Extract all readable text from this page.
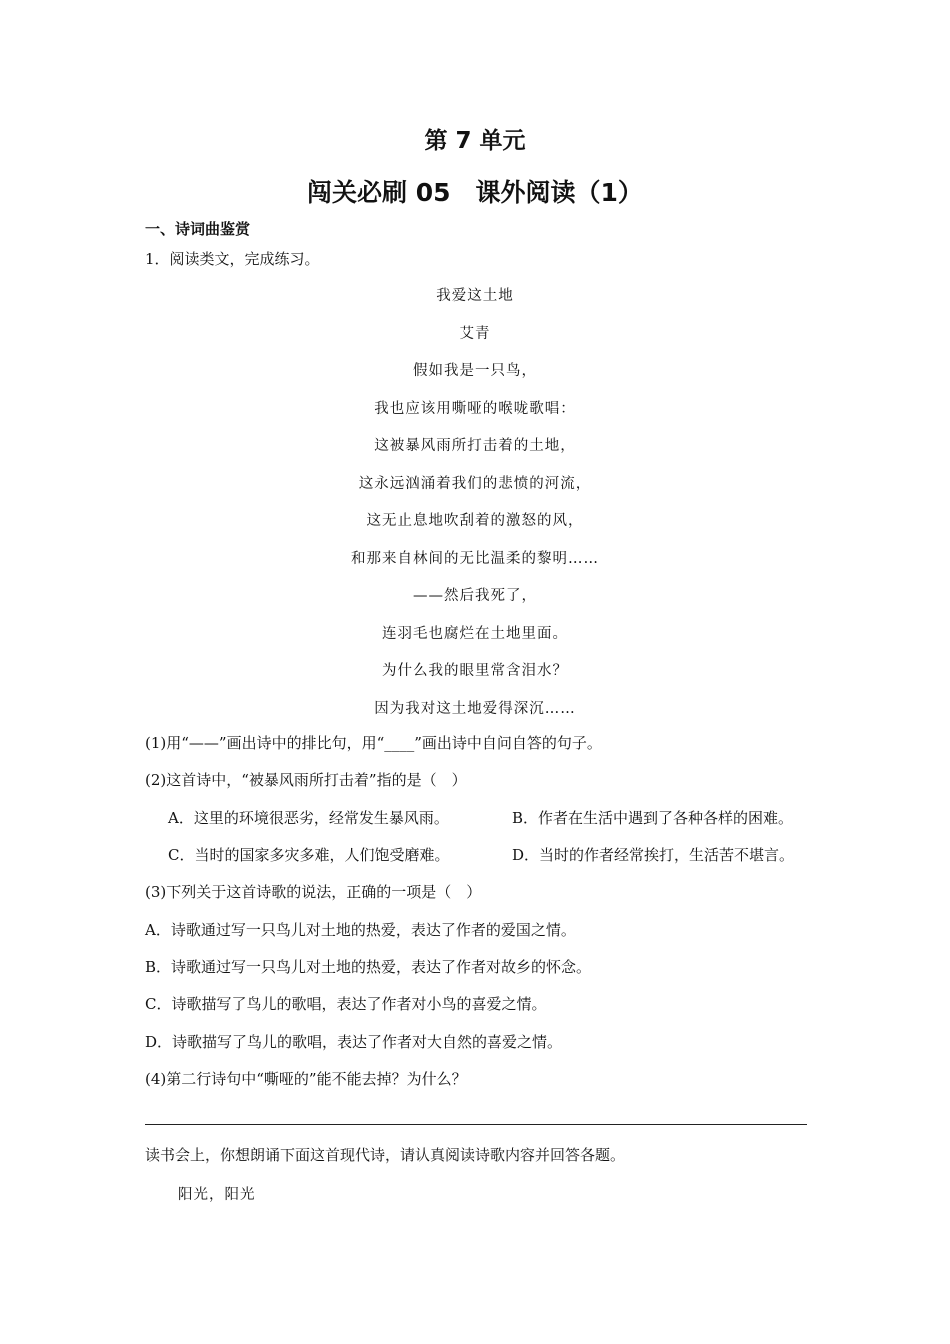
第 7 单元
闯关必刷 05　课外阅读（1）
一、诗词曲鉴赏
1．阅读类文，完成练习。
我爱这土地
艾青
假如我是一只鸟，
我也应该用嘶哑的喉咙歌唱：
这被暴风雨所打击着的土地，
这永远汹涌着我们的悲愤的河流，
这无止息地吹刮着的激怒的风，
和那来自林间的无比温柔的黎明……
——然后我死了，
连羽毛也腐烂在土地里面。
为什么我的眼里常含泪水？
因为我对这土地爱得深沉……
(1)用“——”画出诗中的排比句，用“____”画出诗中自问自答的句子。
(2)这首诗中，“被暴风雨所打击着”指的是（　）
A．这里的环境很恶劣，经常发生暴风雨。	B．作者在生活中遇到了各种各样的困难。
C．当时的国家多灾多难，人们饱受磨难。	D．当时的作者经常挨打，生活苦不堪言。
(3)下列关于这首诗歌的说法，正确的一项是（　）
A．诗歌通过写一只鸟儿对土地的热爱，表达了作者的爱国之情。
B．诗歌通过写一只鸟儿对土地的热爱，表达了作者对故乡的怀念。
C．诗歌描写了鸟儿的歌唱，表达了作者对小鸟的喜爱之情。
D．诗歌描写了鸟儿的歌唱，表达了作者对大自然的喜爱之情。
(4)第二行诗句中“嘶哑的”能不能去掉？为什么？
读书会上，你想朗诵下面这首现代诗，请认真阅读诗歌内容并回答各题。
阳光，阳光
